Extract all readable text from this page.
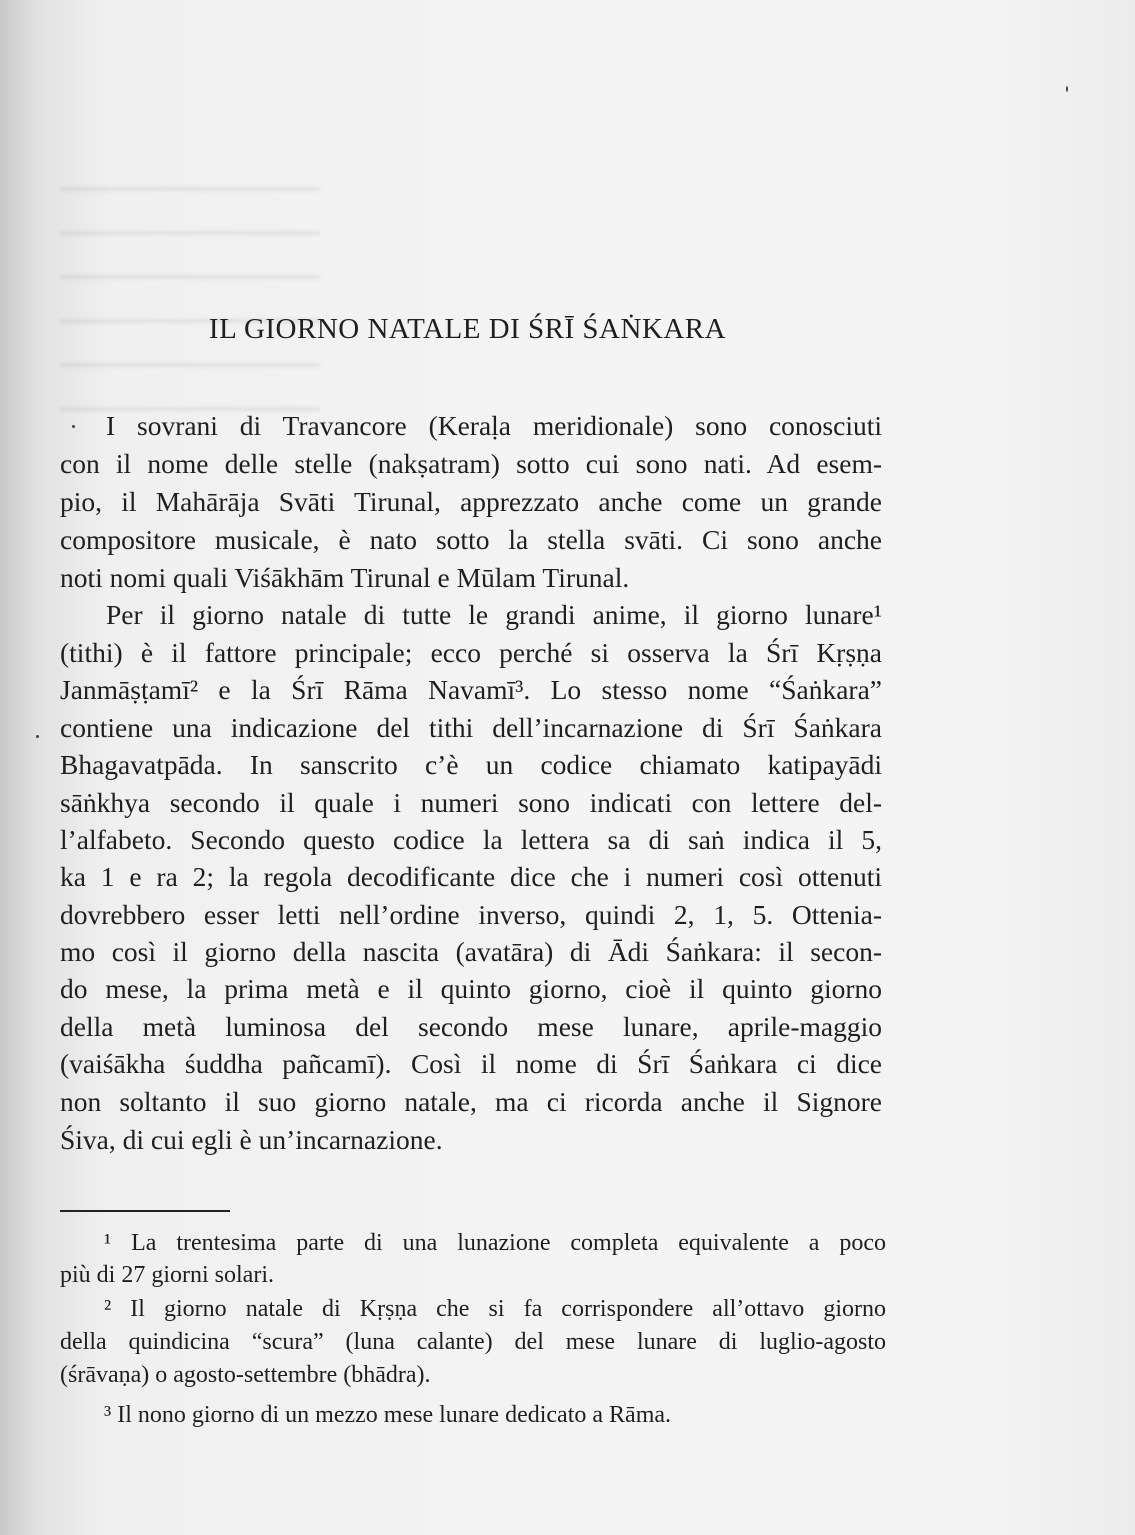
IL GIORNO NATALE DI ŚRĪ ŚAṄKARA
I sovrani di Travancore (Keraḷa meridionale) sono conosciuti
con il nome delle stelle (nakṣatram) sotto cui sono nati. Ad esem-
pio, il Mahārāja Svāti Tirunal, apprezzato anche come un grande
compositore musicale, è nato sotto la stella svāti. Ci sono anche
noti nomi quali Viśākhām Tirunal e Mūlam Tirunal.
Per il giorno natale di tutte le grandi anime, il giorno lunare¹
(tithi) è il fattore principale; ecco perché si osserva la Śrī Kṛṣṇa
Janmāṣṭamī² e la Śrī Rāma Navamī³. Lo stesso nome “Śaṅkara”
contiene una indicazione del tithi dell’incarnazione di Śrī Śaṅkara
Bhagavatpāda. In sanscrito c’è un codice chiamato katipayādi
sāṅkhya secondo il quale i numeri sono indicati con lettere del-
l’alfabeto. Secondo questo codice la lettera sa di saṅ indica il 5,
ka 1 e ra 2; la regola decodificante dice che i numeri così ottenuti
dovrebbero esser letti nell’ordine inverso, quindi 2, 1, 5. Ottenia-
mo così il giorno della nascita (avatāra) di Ādi Śaṅkara: il secon-
do mese, la prima metà e il quinto giorno, cioè il quinto giorno
della metà luminosa del secondo mese lunare, aprile-maggio
(vaiśākha śuddha pañcamī). Così il nome di Śrī Śaṅkara ci dice
non soltanto il suo giorno natale, ma ci ricorda anche il Signore
Śiva, di cui egli è un’incarnazione.
¹ La trentesima parte di una lunazione completa equivalente a poco
più di 27 giorni solari.
² Il giorno natale di Kṛṣṇa che si fa corrispondere all’ottavo giorno
della quindicina “scura” (luna calante) del mese lunare di luglio-agosto
(śrāvaṇa) o agosto-settembre (bhādra).
³ Il nono giorno di un mezzo mese lunare dedicato a Rāma.
